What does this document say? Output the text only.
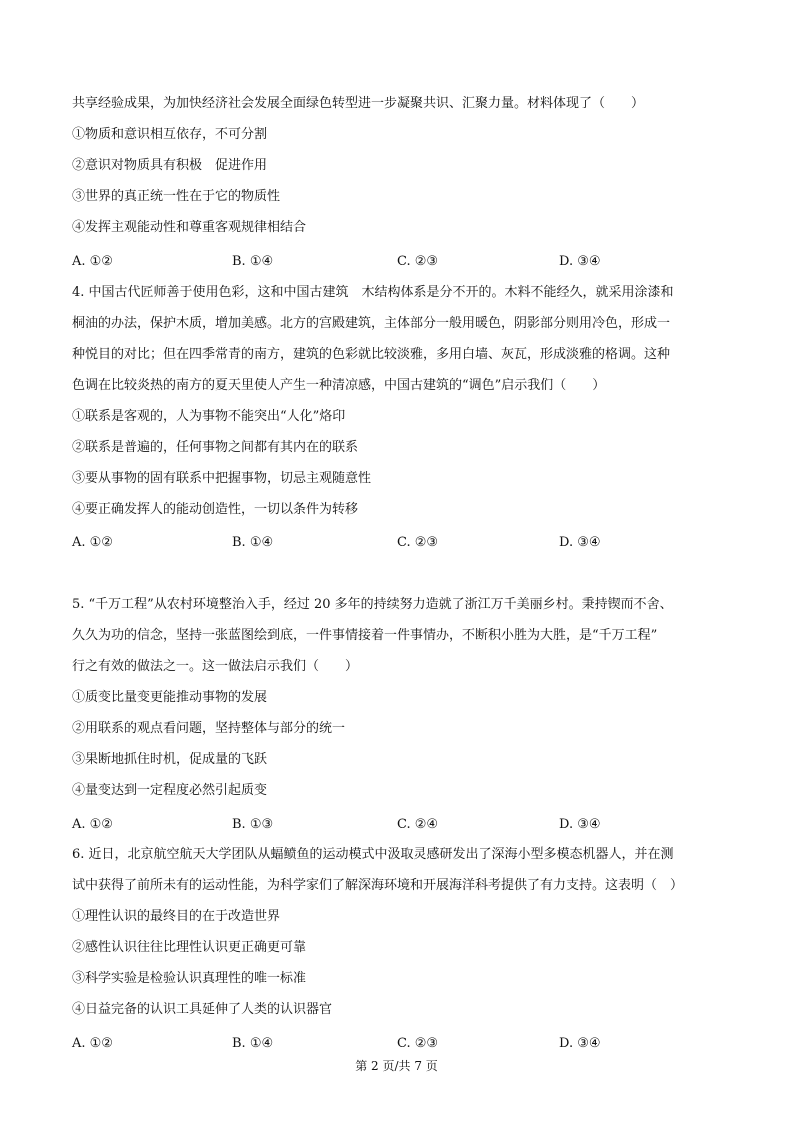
共享经验成果，为加快经济社会发展全面绿色转型进一步凝聚共识、汇聚力量。材料体现了（　　）
①物质和意识相互依存，不可分割
②意识对物质具有积极　促进作用
③世界的真正统一性在于它的物质性
④发挥主观能动性和尊重客观规律相结合
A. ①②	B. ①④	C. ②③	D. ③④
4. 中国古代匠师善于使用色彩，这和中国古建筑　木结构体系是分不开的。木料不能经久，就采用涂漆和
桐油的办法，保护木质，增加美感。北方的宫殿建筑，主体部分一般用暖色，阴影部分则用冷色，形成一
种悦目的对比；但在四季常青的南方，建筑的色彩就比较淡雅，多用白墙、灰瓦，形成淡雅的格调。这种
色调在比较炎热的南方的夏天里使人产生一种清凉感，中国古建筑的“调色”启示我们（　　）
①联系是客观的，人为事物不能突出“人化”烙印
②联系是普遍的，任何事物之间都有其内在的联系
③要从事物的固有联系中把握事物，切忌主观随意性
④要正确发挥人的能动创造性，一切以条件为转移
A. ①②	B. ①④	C. ②③	D. ③④
5. “千万工程”从农村环境整治入手，经过 20 多年的持续努力造就了浙江万千美丽乡村。秉持锲而不舍、
久久为功的信念，坚持一张蓝图绘到底，一件事情接着一件事情办，不断积小胜为大胜，是“千万工程”
行之有效的做法之一。这一做法启示我们（　　）
①质变比量变更能推动事物的发展
②用联系的观点看问题，坚持整体与部分的统一
③果断地抓住时机，促成量的飞跃
④量变达到一定程度必然引起质变
A. ①②	B. ①③	C. ②④	D. ③④
6. 近日，北京航空航天大学团队从蝠鲼鱼的运动模式中汲取灵感研发出了深海小型多模态机器人，并在测
试中获得了前所未有的运动性能，为科学家们了解深海环境和开展海洋科考提供了有力支持。这表明（　）
①理性认识的最终目的在于改造世界
②感性认识往往比理性认识更正确更可靠
③科学实验是检验认识真理性的唯一标准
④日益完备的认识工具延伸了人类的认识器官
A. ①②	B. ①④	C. ②③	D. ③④
第 2 页/共 7 页
